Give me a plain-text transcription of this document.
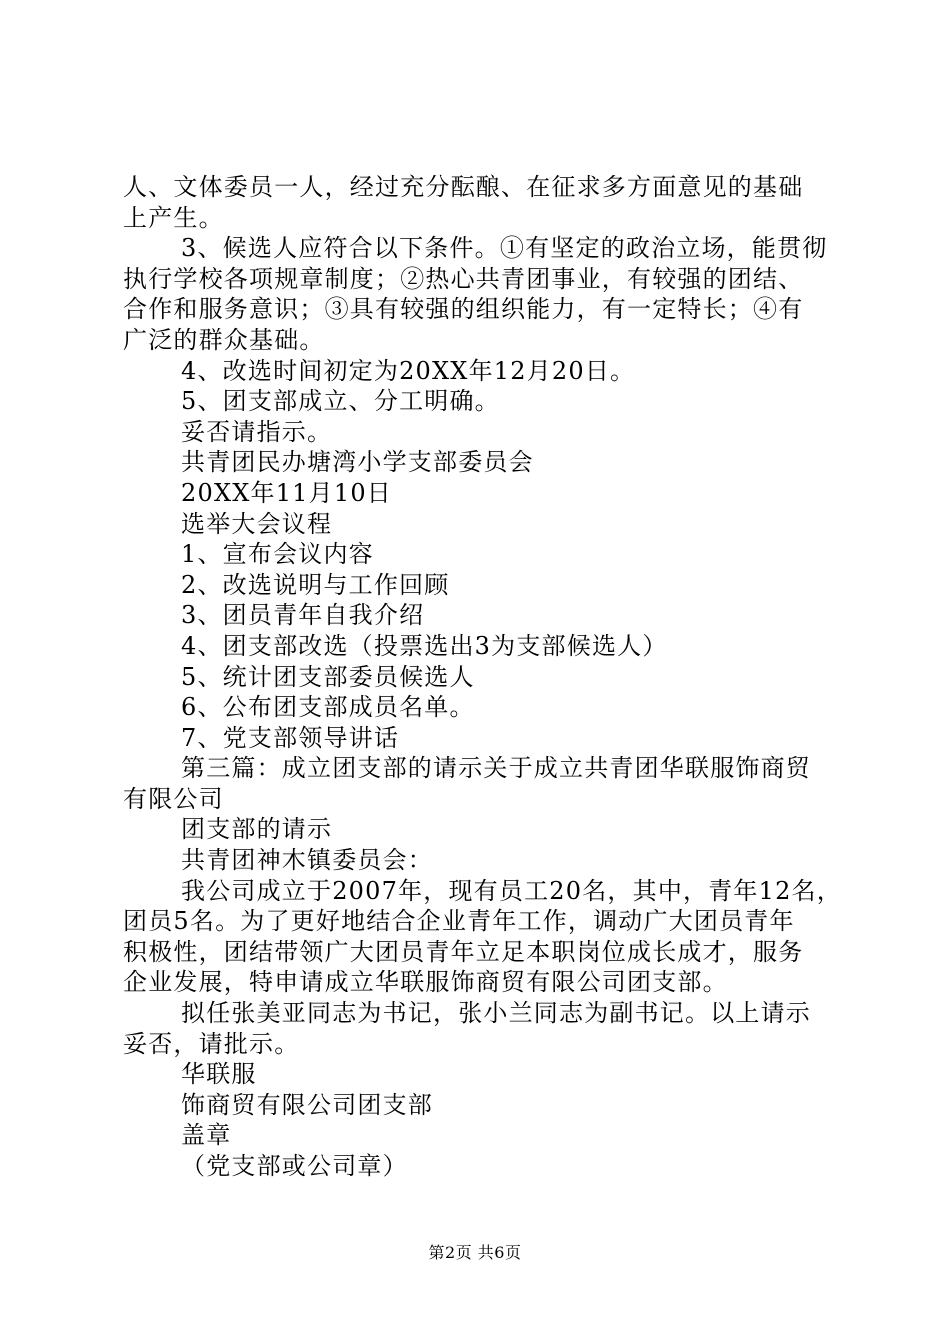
人、文体委员一人，经过充分酝酿、在征求多方面意见的基础
上产生。
3、候选人应符合以下条件。①有坚定的政治立场，能贯彻
执行学校各项规章制度；②热心共青团事业，有较强的团结、
合作和服务意识；③具有较强的组织能力，有一定特长；④有
广泛的群众基础。
4、改选时间初定为20XX年12月20日。
5、团支部成立、分工明确。
妥否请指示。
共青团民办塘湾小学支部委员会
20XX年11月10日
选举大会议程
1、宣布会议内容
2、改选说明与工作回顾
3、团员青年自我介绍
4、团支部改选（投票选出3为支部候选人）
5、统计团支部委员候选人
6、公布团支部成员名单。
7、党支部领导讲话
第三篇：成立团支部的请示关于成立共青团华联服饰商贸
有限公司
团支部的请示
共青团神木镇委员会：
我公司成立于2007年，现有员工20名，其中，青年12名，
团员5名。为了更好地结合企业青年工作，调动广大团员青年
积极性，团结带领广大团员青年立足本职岗位成长成才，服务
企业发展，特申请成立华联服饰商贸有限公司团支部。
拟任张美亚同志为书记，张小兰同志为副书记。以上请示
妥否，请批示。
华联服
饰商贸有限公司团支部
盖章
（党支部或公司章）
第2页 共6页
